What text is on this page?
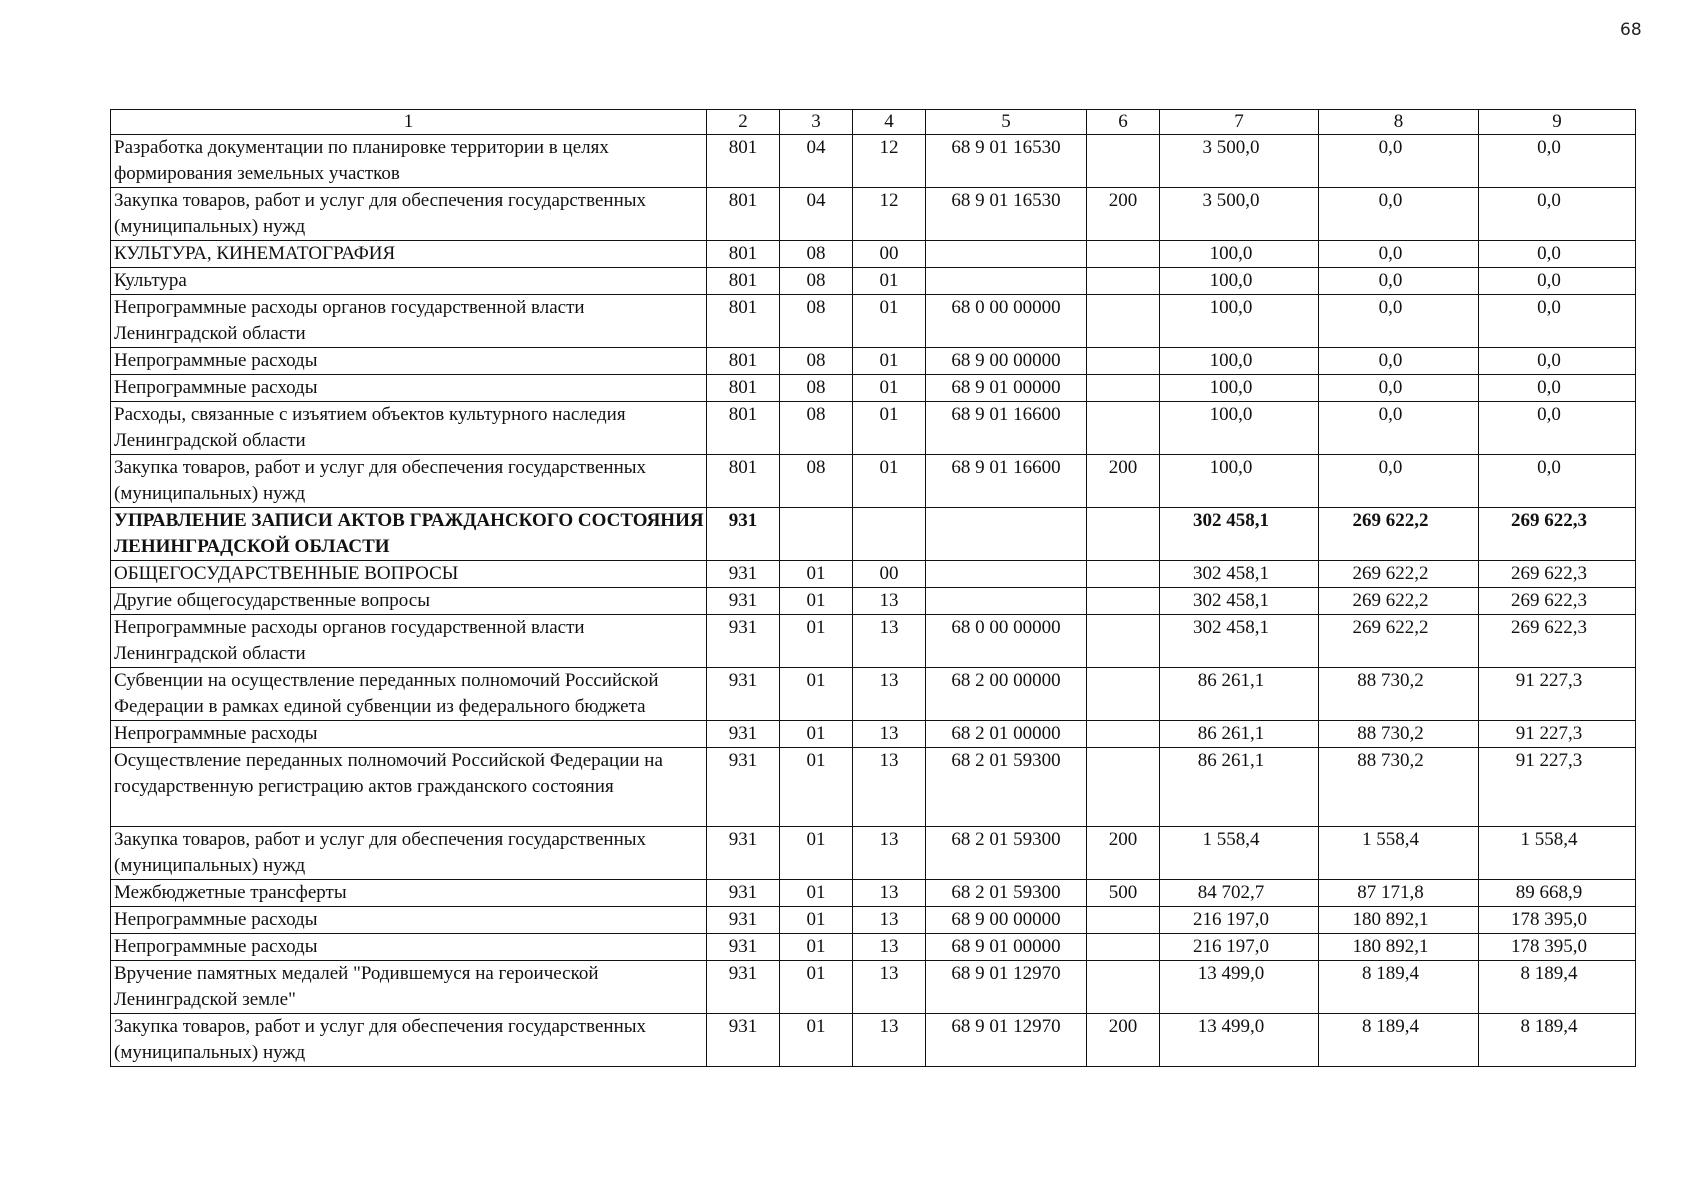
68
1	2	3	4	5	6	7	8	9
Разработка документации по планировке территории в целях формирования земельных участков	801	04	12	68 9 01 16530		3 500,0	0,0	0,0
Закупка товаров, работ и услуг для обеспечения государственных (муниципальных) нужд	801	04	12	68 9 01 16530	200	3 500,0	0,0	0,0
КУЛЬТУРА, КИНЕМАТОГРАФИЯ	801	08	00			100,0	0,0	0,0
Культура	801	08	01			100,0	0,0	0,0
Непрограммные расходы органов государственной власти Ленинградской области	801	08	01	68 0 00 00000		100,0	0,0	0,0
Непрограммные расходы	801	08	01	68 9 00 00000		100,0	0,0	0,0
Непрограммные расходы	801	08	01	68 9 01 00000		100,0	0,0	0,0
Расходы, связанные с изъятием объектов культурного наследия Ленинградской области	801	08	01	68 9 01 16600		100,0	0,0	0,0
Закупка товаров, работ и услуг для обеспечения государственных (муниципальных) нужд	801	08	01	68 9 01 16600	200	100,0	0,0	0,0
УПРАВЛЕНИЕ ЗАПИСИ АКТОВ ГРАЖДАНСКОГО СОСТОЯНИЯ ЛЕНИНГРАДСКОЙ ОБЛАСТИ	931					302 458,1	269 622,2	269 622,3
ОБЩЕГОСУДАРСТВЕННЫЕ ВОПРОСЫ	931	01	00			302 458,1	269 622,2	269 622,3
Другие общегосударственные вопросы	931	01	13			302 458,1	269 622,2	269 622,3
Непрограммные расходы органов государственной власти Ленинградской области	931	01	13	68 0 00 00000		302 458,1	269 622,2	269 622,3
Субвенции на осуществление переданных полномочий Российской Федерации в рамках единой субвенции из федерального бюджета	931	01	13	68 2 00 00000		86 261,1	88 730,2	91 227,3
Непрограммные расходы	931	01	13	68 2 01 00000		86 261,1	88 730,2	91 227,3
Осуществление переданных полномочий Российской Федерации на государственную регистрацию актов гражданского состояния	931	01	13	68 2 01 59300		86 261,1	88 730,2	91 227,3
Закупка товаров, работ и услуг для обеспечения государственных (муниципальных) нужд	931	01	13	68 2 01 59300	200	1 558,4	1 558,4	1 558,4
Межбюджетные трансферты	931	01	13	68 2 01 59300	500	84 702,7	87 171,8	89 668,9
Непрограммные расходы	931	01	13	68 9 00 00000		216 197,0	180 892,1	178 395,0
Непрограммные расходы	931	01	13	68 9 01 00000		216 197,0	180 892,1	178 395,0
Вручение памятных медалей "Родившемуся на героической Ленинградской земле"	931	01	13	68 9 01 12970		13 499,0	8 189,4	8 189,4
Закупка товаров, работ и услуг для обеспечения государственных (муниципальных) нужд	931	01	13	68 9 01 12970	200	13 499,0	8 189,4	8 189,4
